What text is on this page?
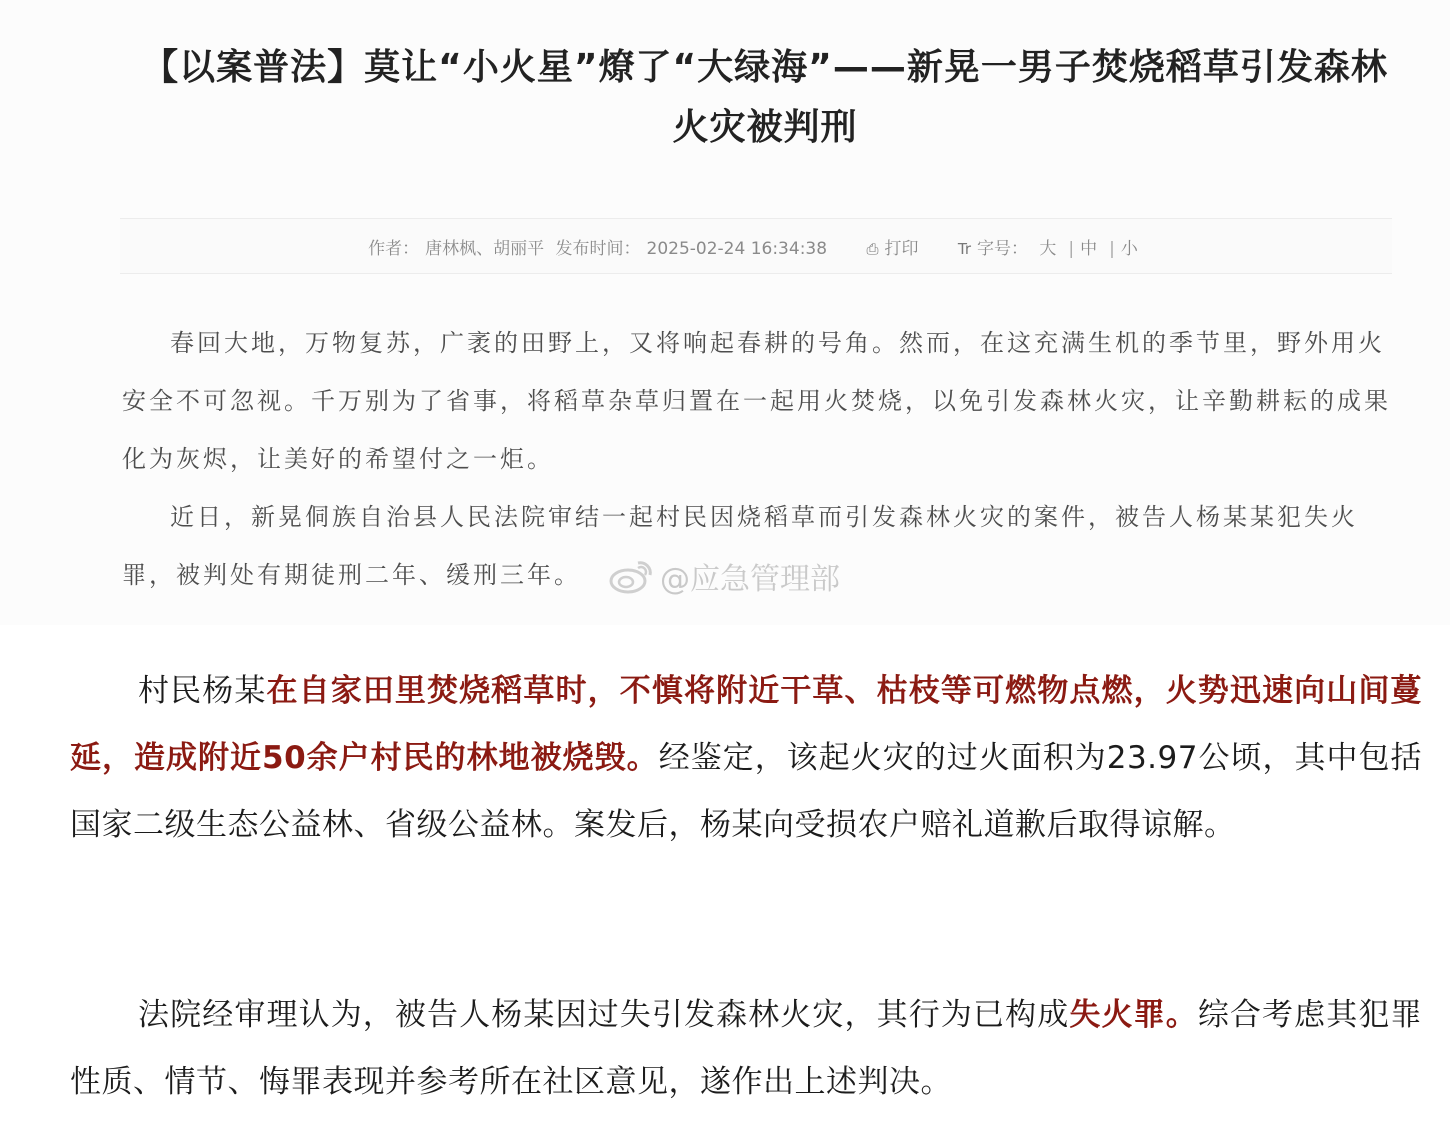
【以案普法】莫让“小火星”燎了“大绿海”——新晃一男子焚烧稻草引发森林
火灾被判刑
作者： 唐林枫、胡丽平 发布时间： 2025-02-24 16:34:38	⎙ 打印	Tr 字号： 大 | 中 | 小

春回大地，万物复苏，广袤的田野上，又将响起春耕的号角。然而，在这充满生机的季节里，野外用火安全不可忽视。千万别为了省事，将稻草杂草归置在一起用火焚烧，以免引发森林火灾，让辛勤耕耘的成果化为灰烬，让美好的希望付之一炬。

近日，新晃侗族自治县人民法院审结一起村民因烧稻草而引发森林火灾的案件，被告人杨某某犯失火罪，被判处有期徒刑二年、缓刑三年。	@应急管理部

村民杨某在自家田里焚烧稻草时，不慎将附近干草、枯枝等可燃物点燃，火势迅速向山间蔓延，造成附近50余户村民的林地被烧毁。经鉴定，该起火灾的过火面积为23.97公顷，其中包括国家二级生态公益林、省级公益林。案发后，杨某向受损农户赔礼道歉后取得谅解。

法院经审理认为，被告人杨某因过失引发森林火灾，其行为已构成失火罪。综合考虑其犯罪性质、情节、悔罪表现并参考所在社区意见，遂作出上述判决。
